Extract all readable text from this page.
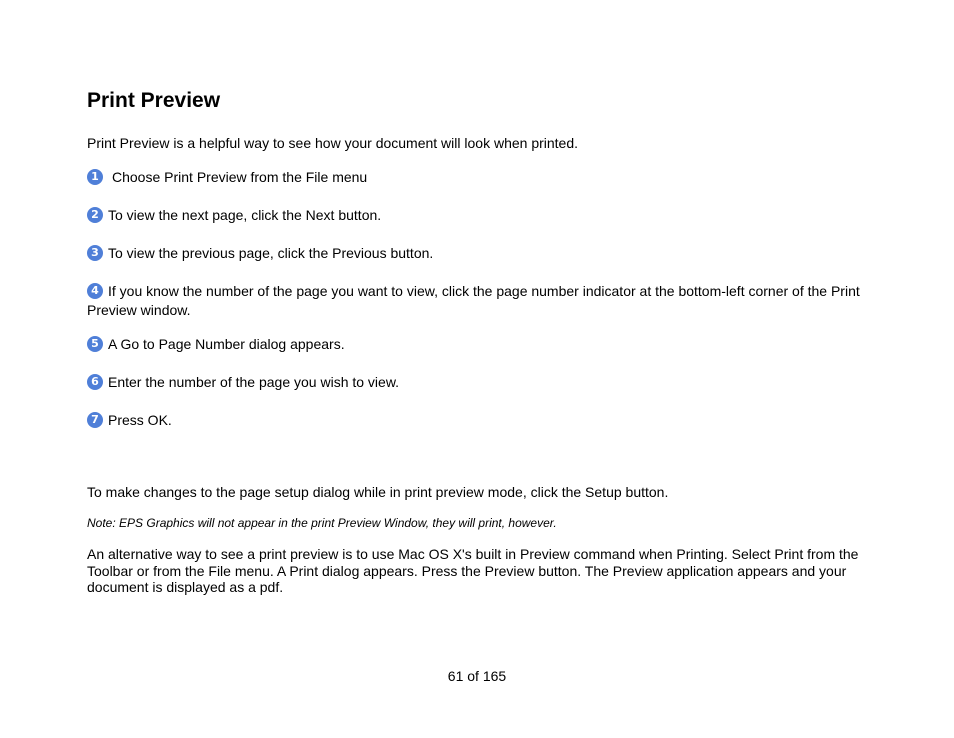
Print Preview

Print Preview is a helpful way to see how your document will look when printed.

1 Choose Print Preview from the File menu
2 To view the next page, click the Next button.
3 To view the previous page, click the Previous button.
4 If you know the number of the page you want to view, click the page number indicator at the bottom-left corner of the Print Preview window.
5 A Go to Page Number dialog appears.
6 Enter the number of the page you wish to view.
7 Press OK.

To make changes to the page setup dialog while in print preview mode, click the Setup button.

Note: EPS Graphics will not appear in the print Preview Window, they will print, however.

An alternative way to see a print preview is to use Mac OS X's built in Preview command when Printing. Select Print from the Toolbar or from the File menu. A Print dialog appears. Press the Preview button. The Preview application appears and your document is displayed as a pdf.

61 of 165
